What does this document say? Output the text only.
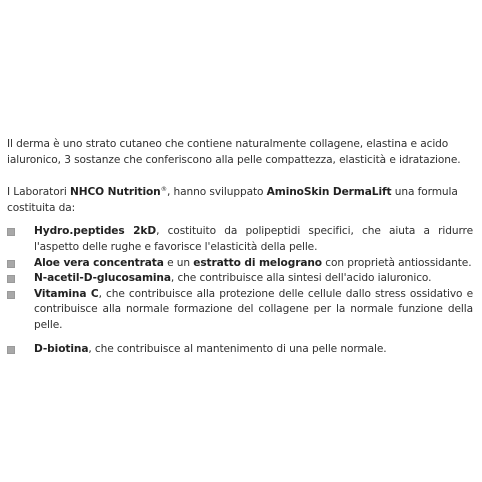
Il derma è uno strato cutaneo che contiene naturalmente collagene, elastina e acido ialuronico, 3 sostanze che conferiscono alla pelle compattezza, elasticità e idratazione.

I Laboratori NHCO Nutrition®, hanno sviluppato AminoSkin DermaLift una formula costituita da:

Hydro.peptides 2kD, costituito da polipeptidi specifici, che aiuta a ridurre l'aspetto delle rughe e favorisce l'elasticità della pelle.
Aloe vera concentrata e un estratto di melograno con proprietà antiossidante.
N-acetil-D-glucosamina, che contribuisce alla sintesi dell'acido ialuronico.
Vitamina C, che contribuisce alla protezione delle cellule dallo stress ossidativo e contribuisce alla normale formazione del collagene per la normale funzione della pelle.
D-biotina, che contribuisce al mantenimento di una pelle normale.
